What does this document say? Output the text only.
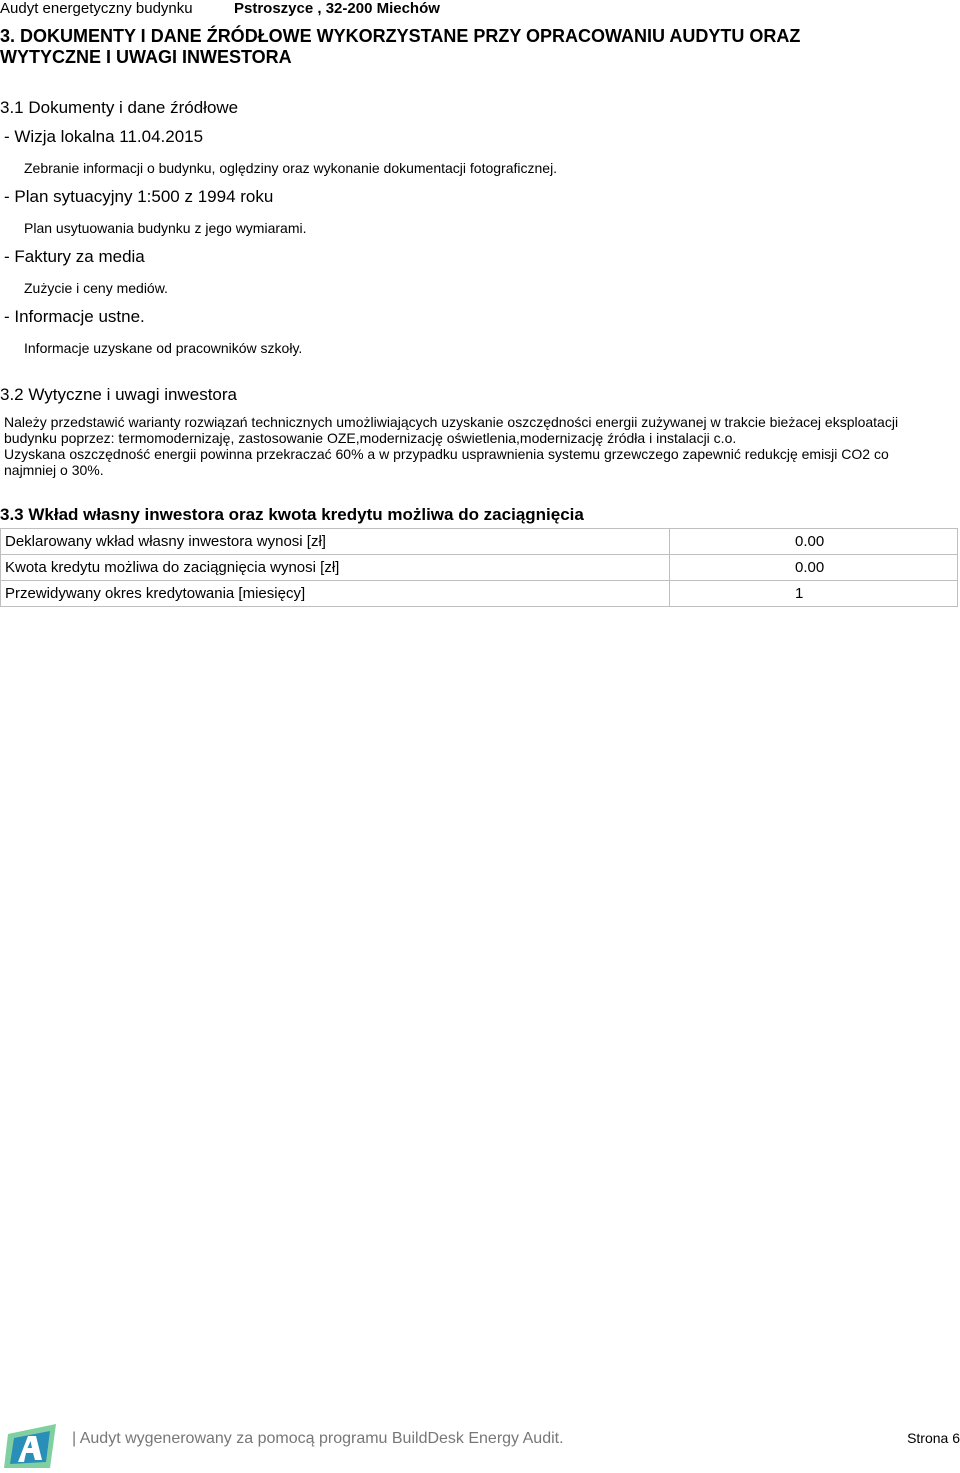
Audyt energetyczny budynku	Pstroszyce , 32-200 Miechów
3. DOKUMENTY I DANE ŹRÓDŁOWE WYKORZYSTANE PRZY OPRACOWANIU AUDYTU ORAZ WYTYCZNE I UWAGI INWESTORA
3.1 Dokumenty i dane źródłowe
- Wizja lokalna 11.04.2015
Zebranie informacji o budynku, oględziny oraz wykonanie dokumentacji fotograficznej.
- Plan sytuacyjny 1:500 z 1994 roku
Plan usytuowania budynku z jego wymiarami.
- Faktury za media
Zużycie i ceny mediów.
- Informacje ustne.
Informacje uzyskane od pracowników szkoły.
3.2 Wytyczne i uwagi inwestora

Należy przedstawić warianty rozwiązań technicznych umożliwiających uzyskanie oszczędności energii zużywanej w trakcie bieżacej eksploatacji budynku poprzez: termomodernizaję, zastosowanie OZE,modernizację oświetlenia,modernizację źródła i instalacji c.o.

Uzyskana oszczędność energii powinna przekraczać 60% a w przypadku usprawnienia systemu grzewczego zapewnić redukcję emisji CO2 co najmniej o 30%.

3.3 Wkład własny inwestora oraz kwota kredytu możliwa do zaciągnięcia
Deklarowany wkład własny inwestora wynosi [zł]	0.00
Kwota kredytu możliwa do zaciągnięcia wynosi [zł]	0.00
Przewidywany okres kredytowania [miesięcy]	1
| Audyt wygenerowany za pomocą programu BuildDesk Energy Audit.	Strona 6
